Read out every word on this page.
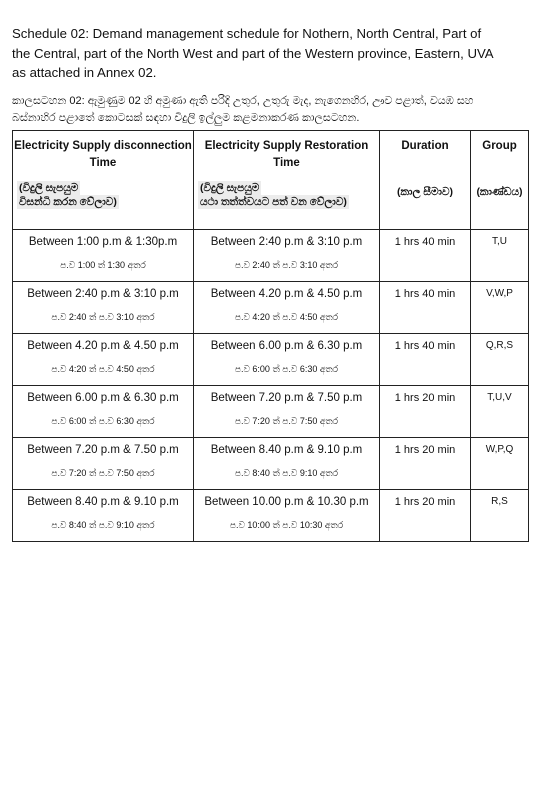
Schedule 02: Demand management schedule for Nothern, North Central, Part of the Central, part of the North West and part of the Western province, Eastern, UVA as attached in Annex 02.

කාලසටහන 02: ඇමුණුම 02 හි අමුණා ඇති පරිදි උතුර, උතුරු මැද, නැගෙනහිර, ඌව පළාත්, වයඹ සහ බස්නාහිර පළාතේ කොටසක් සඳහා විදුලි ඉල්ලුම කළමනාකරණ කාලසටහන.

Electricity Supply disconnection Time
(විදුලි සැපයුම
විසන්ධි කරන වේලාව)	Electricity Supply Restoration Time
(විදුලි සැපයුම
යථා තත්ත්වයට පත් වන වේලාව)	Duration
(කාල සීමාව)	Group
(කාණ්ඩය)

Between 1:00 p.m & 1:30p.m
ප.ව 1:00 ත් 1:30 අතර	Between 2:40 p.m & 3:10 p.m
ප.ව 2:40 ත් ප.ව 3:10 අතර	1 hrs 40 min	T,U

Between 2:40 p.m & 3:10 p.m
ප.ව 2:40 ත් ප.ව 3:10 අතර	Between 4.20 p.m & 4.50 p.m
ප.ව 4:20 ත් ප.ව 4:50 අතර	1 hrs 40 min	V,W,P

Between 4.20 p.m & 4.50 p.m
ප.ව 4:20 ත් ප.ව 4:50 අතර	Between 6.00 p.m & 6.30 p.m
ප.ව 6:00 ත් ප.ව 6:30 අතර	1 hrs 40 min	Q,R,S

Between 6.00 p.m & 6.30 p.m
ප.ව 6:00 ත් ප.ව 6:30 අතර	Between 7.20 p.m & 7.50 p.m
ප.ව 7:20 ත් ප.ව 7:50 අතර	1 hrs 20 min	T,U,V

Between 7.20 p.m & 7.50 p.m
ප.ව 7:20 ත් ප.ව 7:50 අතර	Between 8.40 p.m & 9.10 p.m
ප.ව 8:40 ත් ප.ව 9:10 අතර	1 hrs 20 min	W,P,Q

Between 8.40 p.m & 9.10 p.m
ප.ව 8:40 ත් ප.ව 9:10 අතර	Between 10.00 p.m & 10.30 p.m
ප.ව 10:00 ත් ප.ව 10:30 අතර	1 hrs 20 min	R,S
